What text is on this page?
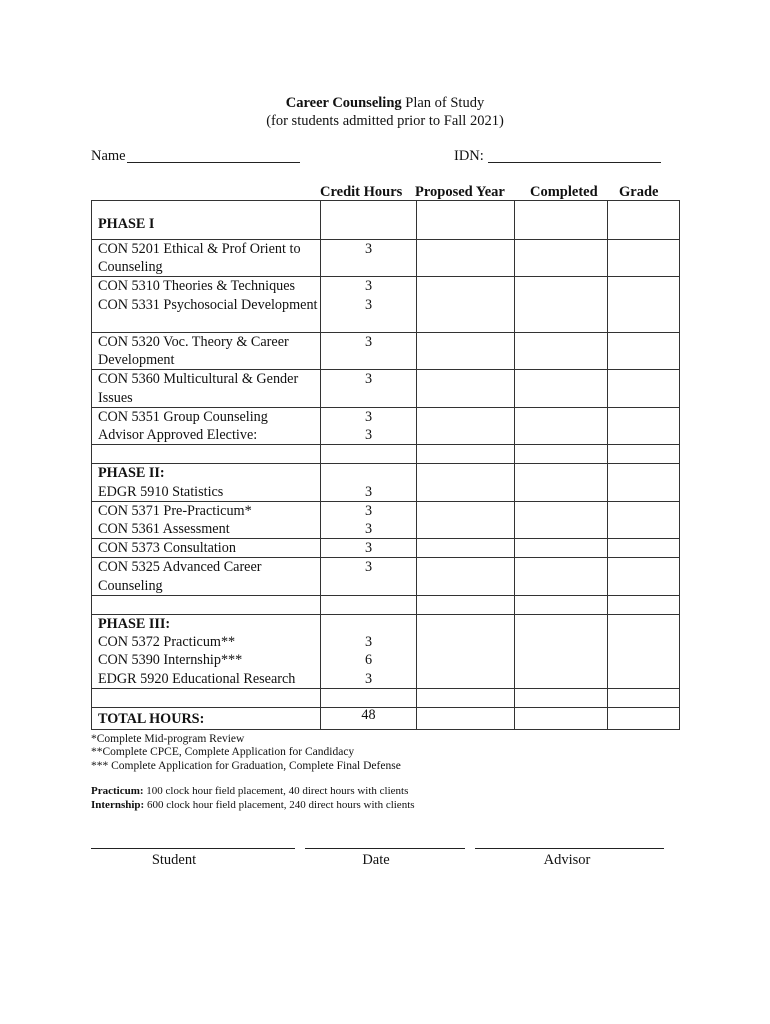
Career Counseling Plan of Study
(for students admitted prior to Fall 2021)
Name	IDN:
Credit Hours Proposed Year Completed Grade
PHASE I				
CON 5201 Ethical & Prof Orient to Counseling	3			
CON 5310 Theories & Techniques	3			
CON 5331 Psychosocial Development	3			
CON 5320 Voc. Theory & Career Development	3			
CON 5360 Multicultural & Gender Issues	3			
CON 5351 Group Counseling	3			
Advisor Approved Elective:	3			

PHASE II:				
EDGR 5910 Statistics	3			
CON 5371 Pre-Practicum*	3			
CON 5361 Assessment	3			
CON 5373 Consultation	3			
CON 5325 Advanced Career Counseling	3			

PHASE III:				
CON 5372 Practicum**	3			
CON 5390 Internship***	6			
EDGR 5920 Educational Research	3			

TOTAL HOURS:	48			
*Complete Mid-program Review
**Complete CPCE, Complete Application for Candidacy
*** Complete Application for Graduation, Complete Final Defense
Practicum: 100 clock hour field placement, 40 direct hours with clients
Internship: 600 clock hour field placement, 240 direct hours with clients
Student	Date	Advisor
